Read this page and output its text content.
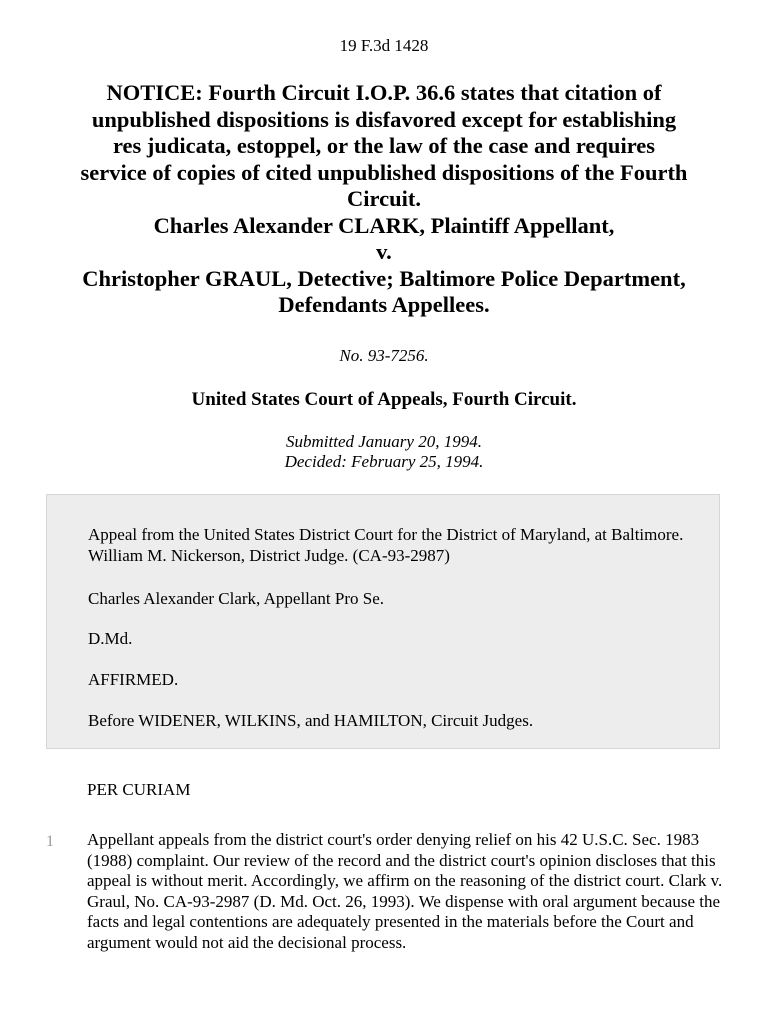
19 F.3d 1428
NOTICE: Fourth Circuit I.O.P. 36.6 states that citation of
unpublished dispositions is disfavored except for establishing
res judicata, estoppel, or the law of the case and requires
service of copies of cited unpublished dispositions of the Fourth
Circuit.
Charles Alexander CLARK, Plaintiff Appellant,
v.
Christopher GRAUL, Detective; Baltimore Police Department,
Defendants Appellees.
No. 93-7256.
United States Court of Appeals, Fourth Circuit.
Submitted January 20, 1994.
Decided: February 25, 1994.

Appeal from the United States District Court for the District of Maryland, at Baltimore. William M. Nickerson, District Judge. (CA-93-2987)

Charles Alexander Clark, Appellant Pro Se.

D.Md.

AFFIRMED.

Before WIDENER, WILKINS, and HAMILTON, Circuit Judges.

PER CURIAM
1 Appellant appeals from the district court's order denying relief on his 42 U.S.C. Sec. 1983 (1988) complaint. Our review of the record and the district court's opinion discloses that this appeal is without merit. Accordingly, we affirm on the reasoning of the district court. Clark v. Graul, No. CA-93-2987 (D. Md. Oct. 26, 1993). We dispense with oral argument because the facts and legal contentions are adequately presented in the materials before the Court and argument would not aid the decisional process.
